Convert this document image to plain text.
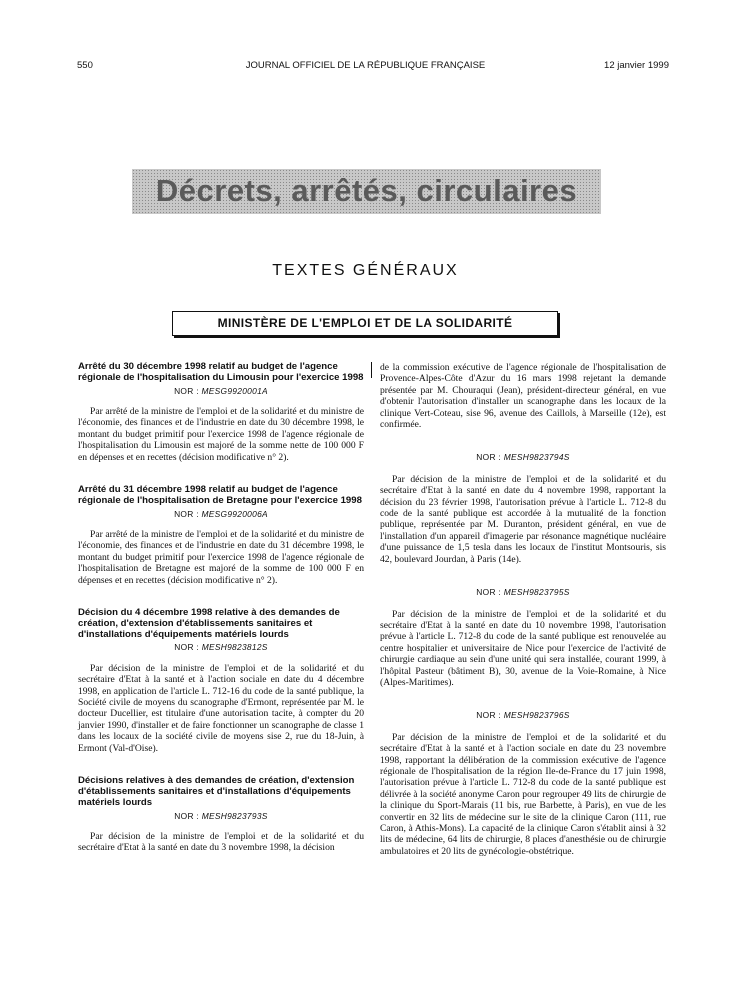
550	JOURNAL OFFICIEL DE LA RÉPUBLIQUE FRANÇAISE	12 janvier 1999
Décrets, arrêtés, circulaires
TEXTES GÉNÉRAUX
MINISTÈRE DE L'EMPLOI ET DE LA SOLIDARITÉ
Arrêté du 30 décembre 1998 relatif au budget de l'agence régionale de l'hospitalisation du Limousin pour l'exercice 1998
NOR : MESG9920001A

Par arrêté de la ministre de l'emploi et de la solidarité et du ministre de l'économie, des finances et de l'industrie en date du 30 décembre 1998, le montant du budget primitif pour l'exercice 1998 de l'agence régionale de l'hospitalisation du Limousin est majoré de la somme nette de 100 000 F en dépenses et en recettes (décision modificative n° 2).

Arrêté du 31 décembre 1998 relatif au budget de l'agence régionale de l'hospitalisation de Bretagne pour l'exercice 1998
NOR : MESG9920006A

Par arrêté de la ministre de l'emploi et de la solidarité et du ministre de l'économie, des finances et de l'industrie en date du 31 décembre 1998, le montant du budget primitif pour l'exercice 1998 de l'agence régionale de l'hospitalisation de Bretagne est majoré de la somme de 100 000 F en dépenses et en recettes (décision modificative n° 2).

Décision du 4 décembre 1998 relative à des demandes de création, d'extension d'établissements sanitaires et d'installations d'équipements matériels lourds
NOR : MESH9823812S

Par décision de la ministre de l'emploi et de la solidarité et du secrétaire d'Etat à la santé et à l'action sociale en date du 4 décembre 1998, en application de l'article L. 712-16 du code de la santé publique, la Société civile de moyens du scanographe d'Ermont, représentée par M. le docteur Ducellier, est titulaire d'une autorisation tacite, à compter du 20 janvier 1990, d'installer et de faire fonctionner un scanographe de classe 1 dans les locaux de la société civile de moyens sise 2, rue du 18-Juin, à Ermont (Val-d'Oise).

Décisions relatives à des demandes de création, d'extension d'établissements sanitaires et d'installations d'équipements matériels lourds
NOR : MESH9823793S

Par décision de la ministre de l'emploi et de la solidarité et du secrétaire d'Etat à la santé en date du 3 novembre 1998, la décision

de la commission exécutive de l'agence régionale de l'hospitalisation de Provence-Alpes-Côte d'Azur du 16 mars 1998 rejetant la demande présentée par M. Chouraqui (Jean), président-directeur général, en vue d'obtenir l'autorisation d'installer un scanographe dans les locaux de la clinique Vert-Coteau, sise 96, avenue des Caillols, à Marseille (12e), est confirmée.

NOR : MESH9823794S

Par décision de la ministre de l'emploi et de la solidarité et du secrétaire d'Etat à la santé en date du 4 novembre 1998, rapportant la décision du 23 février 1998, l'autorisation prévue à l'article L. 712-8 du code de la santé publique est accordée à la mutualité de la fonction publique, représentée par M. Duranton, président général, en vue de l'installation d'un appareil d'imagerie par résonance magnétique nucléaire d'une puissance de 1,5 tesla dans les locaux de l'institut Montsouris, sis 42, boulevard Jourdan, à Paris (14e).

NOR : MESH9823795S

Par décision de la ministre de l'emploi et de la solidarité et du secrétaire d'Etat à la santé en date du 10 novembre 1998, l'autorisation prévue à l'article L. 712-8 du code de la santé publique est renouvelée au centre hospitalier et universitaire de Nice pour l'exercice de l'activité de chirurgie cardiaque au sein d'une unité qui sera installée, courant 1999, à l'hôpital Pasteur (bâtiment B), 30, avenue de la Voie-Romaine, à Nice (Alpes-Maritimes).

NOR : MESH9823796S

Par décision de la ministre de l'emploi et de la solidarité et du secrétaire d'Etat à la santé et à l'action sociale en date du 23 novembre 1998, rapportant la délibération de la commission exécutive de l'agence régionale de l'hospitalisation de la région Ile-de-France du 17 juin 1998, l'autorisation prévue à l'article L. 712-8 du code de la santé publique est délivrée à la société anonyme Caron pour regrouper 49 lits de chirurgie de la clinique du Sport-Marais (11 bis, rue Barbette, à Paris), en vue de les convertir en 32 lits de médecine sur le site de la clinique Caron (111, rue Caron, à Athis-Mons). La capacité de la clinique Caron s'établit ainsi à 32 lits de médecine, 64 lits de chirurgie, 8 places d'anesthésie ou de chirurgie ambulatoires et 20 lits de gynécologie-obstétrique.
